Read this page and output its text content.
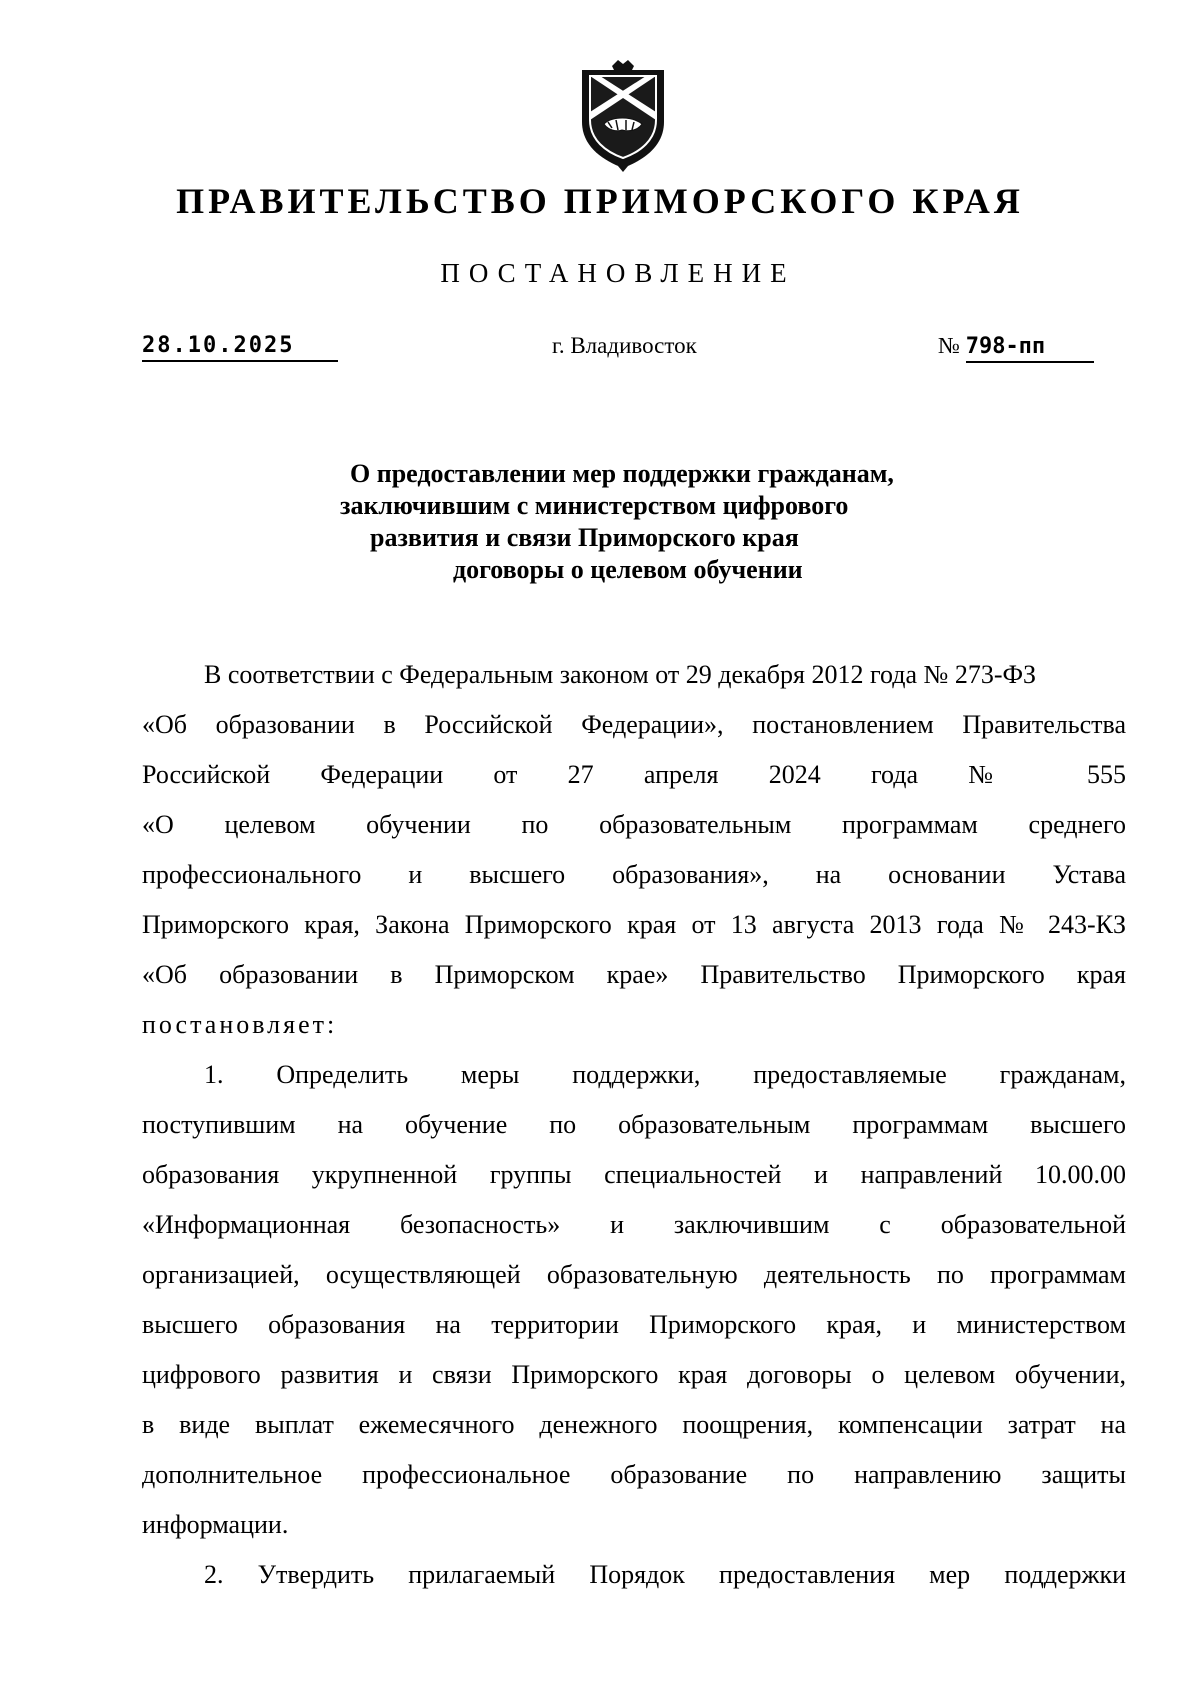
ПРАВИТЕЛЬСТВО ПРИМОРСКОГО КРАЯ
ПОСТАНОВЛЕНИЕ
28.10.2025	г. Владивосток	№ 798-пп
О предоставлении мер поддержки гражданам,
заключившим с министерством цифрового
развития и связи Приморского края
договоры о целевом обучении

В соответствии с Федеральным законом от 29 декабря 2012 года № 273-ФЗ

«Об образовании в Российской Федерации», постановлением Правительства

Российской Федерации от 27 апреля 2024 года № 555

«О целевом обучении по образовательным программам среднего

профессионального и высшего образования», на основании Устава

Приморского края, Закона Приморского края от 13 августа 2013 года № 243-КЗ

«Об образовании в Приморском крае» Правительство Приморского края

постановляет:

1. Определить меры поддержки, предоставляемые гражданам,

поступившим на обучение по образовательным программам высшего

образования укрупненной группы специальностей и направлений 10.00.00

«Информационная безопасность» и заключившим с образовательной

организацией, осуществляющей образовательную деятельность по программам

высшего образования на территории Приморского края, и министерством

цифрового развития и связи Приморского края договоры о целевом обучении,

в виде выплат ежемесячного денежного поощрения, компенсации затрат на

дополнительное профессиональное образование по направлению защиты

информации.

2. Утвердить прилагаемый Порядок предоставления мер поддержки
